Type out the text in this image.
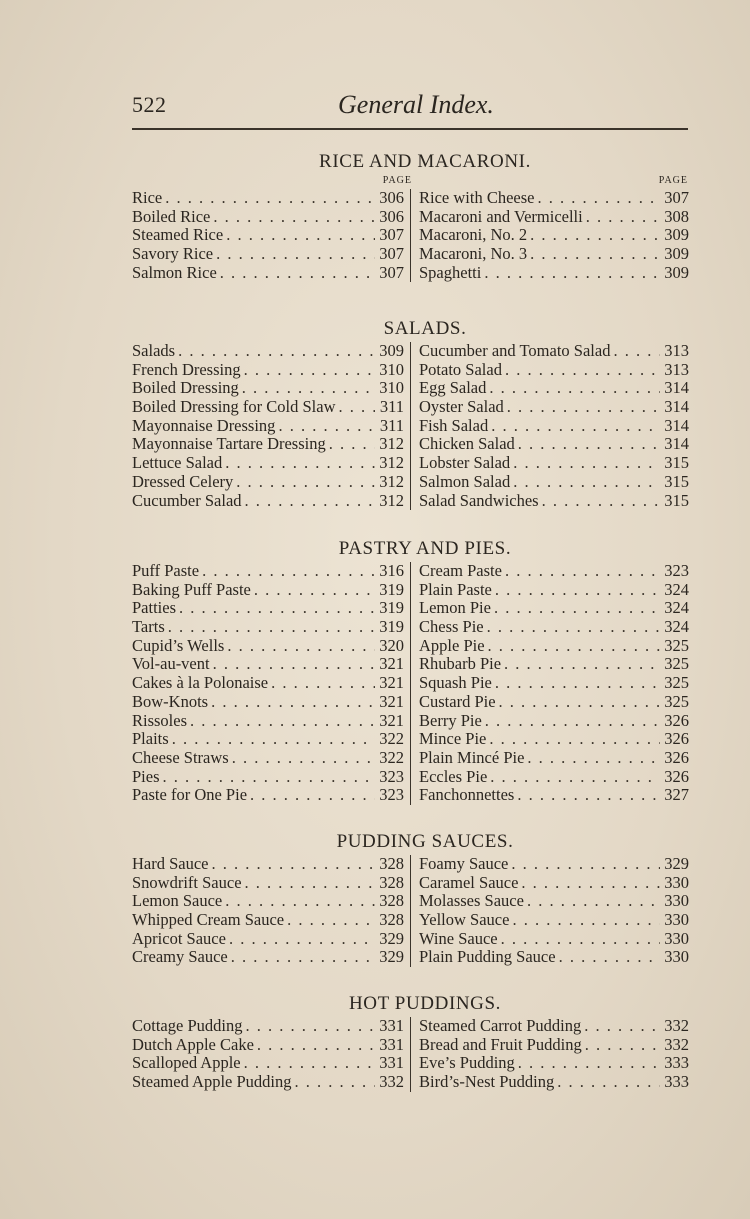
522	General Index.
RICE AND MACARONI.
PAGE	PAGE
Rice . . .	306
Boiled Rice . . .	306
Steamed Rice . . .	307
Savory Rice . . .	307
Salmon Rice . . .	307
Rice with Cheese . . .	307
Macaroni and Vermicelli . . .	308
Macaroni, No. 2 . . .	309
Macaroni, No. 3 . . .	309
Spaghetti . . .	309
SALADS.
Salads . . .	309
French Dressing . . .	310
Boiled Dressing . . .	310
Boiled Dressing for Cold Slaw . . .	311
Mayonnaise Dressing . . .	311
Mayonnaise Tartare Dressing . . .	312
Lettuce Salad . . .	312
Dressed Celery . . .	312
Cucumber Salad . . .	312
Cucumber and Tomato Salad . . .	313
Potato Salad . . .	313
Egg Salad . . .	314
Oyster Salad . . .	314
Fish Salad . . .	314
Chicken Salad . . .	314
Lobster Salad . . .	315
Salmon Salad . . .	315
Salad Sandwiches . . .	315
PASTRY AND PIES.
Puff Paste . . .	316
Baking Puff Paste . . .	319
Patties . . .	319
Tarts . . .	319
Cupid’s Wells . . .	320
Vol-au-vent . . .	321
Cakes à la Polonaise . . .	321
Bow-Knots . . .	321
Rissoles . . .	321
Plaits . . .	322
Cheese Straws . . .	322
Pies . . .	323
Paste for One Pie . . .	323
Cream Paste . . .	323
Plain Paste . . .	324
Lemon Pie . . .	324
Chess Pie . . .	324
Apple Pie . . .	325
Rhubarb Pie . . .	325
Squash Pie . . .	325
Custard Pie . . .	325
Berry Pie . . .	326
Mince Pie . . .	326
Plain Mincé Pie . . .	326
Eccles Pie . . .	326
Fanchonnettes . . .	327
PUDDING SAUCES.
Hard Sauce . . .	328
Snowdrift Sauce . . .	328
Lemon Sauce . . .	328
Whipped Cream Sauce . . .	328
Apricot Sauce . . .	329
Creamy Sauce . . .	329
Foamy Sauce . . .	329
Caramel Sauce . . .	330
Molasses Sauce . . .	330
Yellow Sauce . . .	330
Wine Sauce . . .	330
Plain Pudding Sauce . . .	330
HOT PUDDINGS.
Cottage Pudding . . .	331
Dutch Apple Cake . . .	331
Scalloped Apple . . .	331
Steamed Apple Pudding . . .	332
Steamed Carrot Pudding . . .	332
Bread and Fruit Pudding . . .	332
Eve’s Pudding . . .	333
Bird’s-Nest Pudding . . .	333
